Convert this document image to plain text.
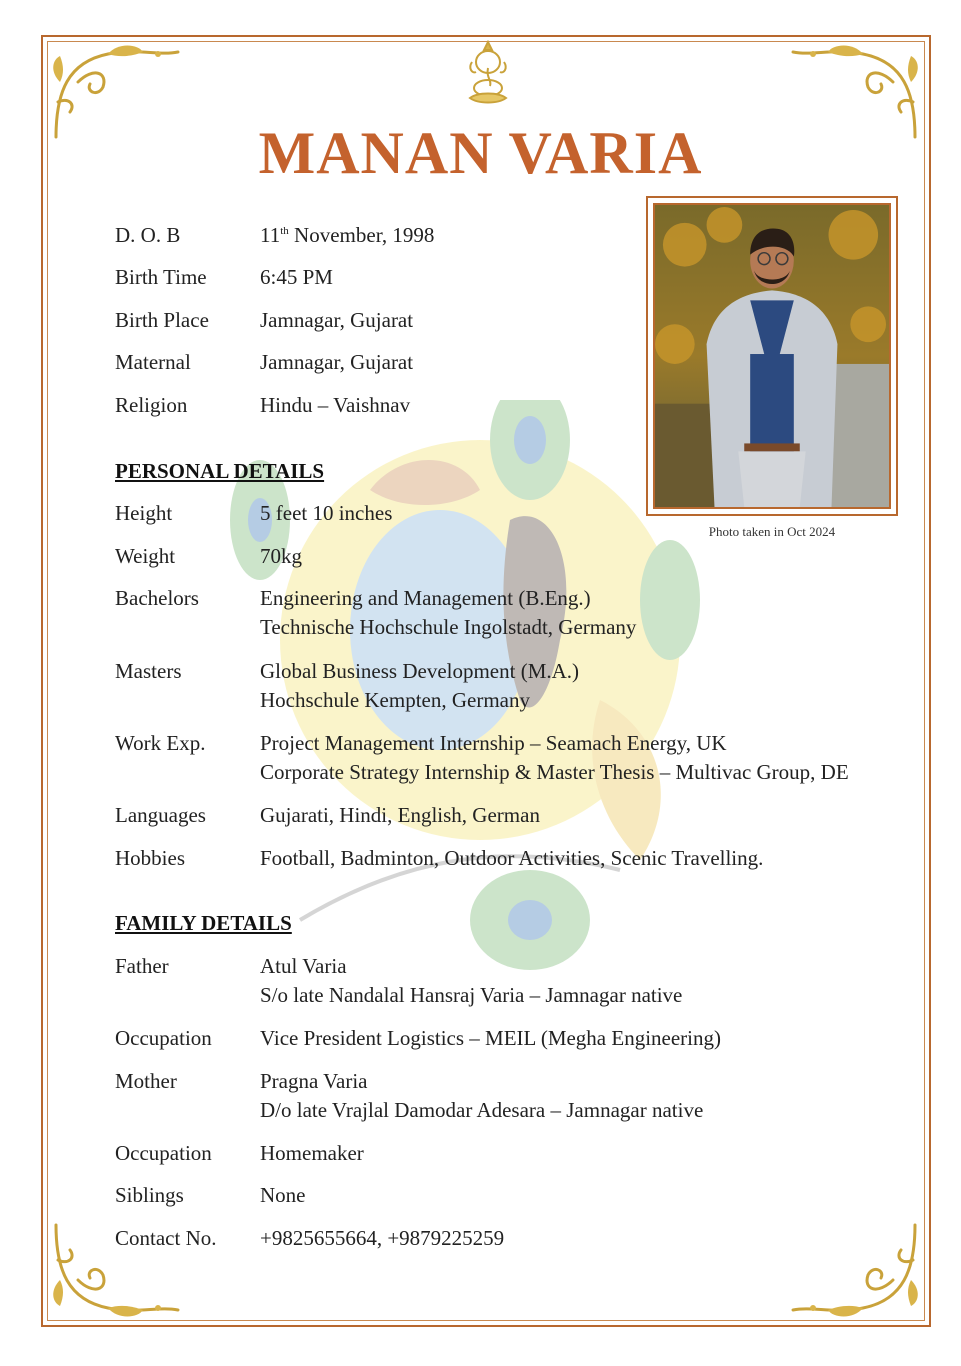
MANAN VARIA
Photo taken in Oct 2024
D. O. B	11th November, 1998
Birth Time	6:45 PM
Birth Place	Jamnagar, Gujarat
Maternal	Jamnagar, Gujarat
Religion	Hindu – Vaishnav
PERSONAL DETAILS
Height	5 feet 10 inches
Weight	70kg
Bachelors	Engineering and Management (B.Eng.)
Technische Hochschule Ingolstadt, Germany
Masters	Global Business Development (M.A.)
Hochschule Kempten, Germany
Work Exp.	Project Management Internship – Seamach Energy, UK
Corporate Strategy Internship & Master Thesis – Multivac Group, DE
Languages	Gujarati, Hindi, English, German
Hobbies	Football, Badminton, Outdoor Activities, Scenic Travelling.
FAMILY DETAILS
Father	Atul Varia
S/o late Nandalal Hansraj Varia – Jamnagar native
Occupation	Vice President Logistics – MEIL (Megha Engineering)
Mother	Pragna Varia
D/o late Vrajlal Damodar Adesara – Jamnagar native
Occupation	Homemaker
Siblings	None
Contact No.	+9825655664, +9879225259
